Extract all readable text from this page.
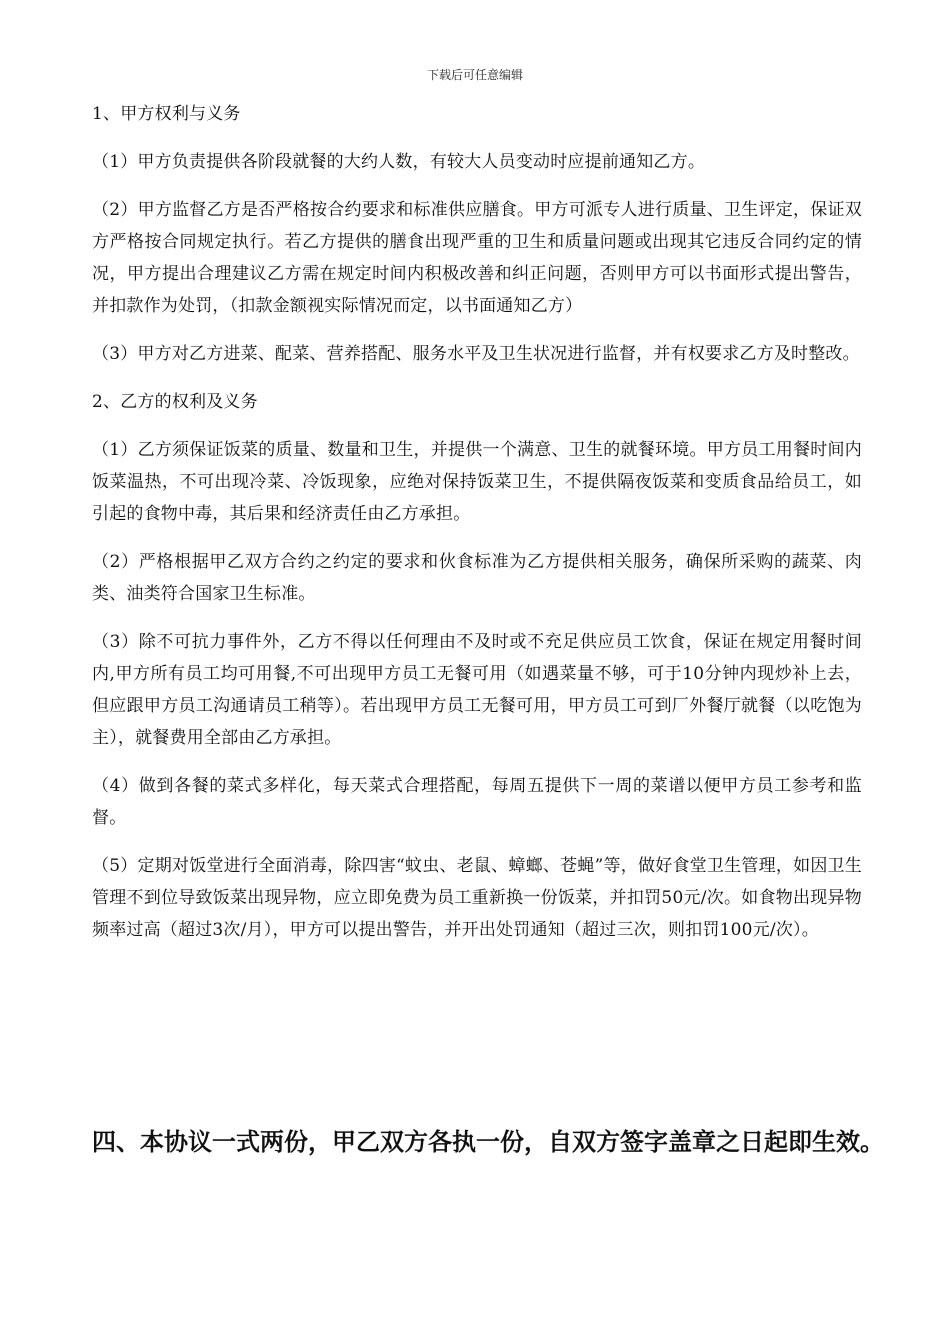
下载后可任意编辑

1、甲方权利与义务

（1）甲方负责提供各阶段就餐的大约人数，有较大人员变动时应提前通知乙方。

（2）甲方监督乙方是否严格按合约要求和标准供应膳食。甲方可派专人进行质量、卫生评定，保证双方严格按合同规定执行。若乙方提供的膳食出现严重的卫生和质量问题或出现其它违反合同约定的情况，甲方提出合理建议乙方需在规定时间内积极改善和纠正问题，否则甲方可以书面形式提出警告，并扣款作为处罚，（扣款金额视实际情况而定，以书面通知乙方）

（3）甲方对乙方进菜、配菜、营养搭配、服务水平及卫生状况进行监督，并有权要求乙方及时整改。

2、乙方的权利及义务

（1）乙方须保证饭菜的质量、数量和卫生，并提供一个满意、卫生的就餐环境。甲方员工用餐时间内饭菜温热，不可出现冷菜、冷饭现象，应绝对保持饭菜卫生，不提供隔夜饭菜和变质食品给员工，如引起的食物中毒，其后果和经济责任由乙方承担。

（2）严格根据甲乙双方合约之约定的要求和伙食标准为乙方提供相关服务，确保所采购的蔬菜、肉类、油类符合国家卫生标准。

（3）除不可抗力事件外，乙方不得以任何理由不及时或不充足供应员工饮食，保证在规定用餐时间内,甲方所有员工均可用餐,不可出现甲方员工无餐可用（如遇菜量不够，可于10分钟内现炒补上去，但应跟甲方员工沟通请员工稍等）。若出现甲方员工无餐可用，甲方员工可到厂外餐厅就餐（以吃饱为主），就餐费用全部由乙方承担。

（4）做到各餐的菜式多样化，每天菜式合理搭配，每周五提供下一周的菜谱以便甲方员工参考和监督。

（5）定期对饭堂进行全面消毒，除四害“蚊虫、老鼠、蟑螂、苍蝇”等，做好食堂卫生管理，如因卫生管理不到位导致饭菜出现异物，应立即免费为员工重新换一份饭菜，并扣罚50元/次。如食物出现异物频率过高（超过3次/月），甲方可以提出警告，并开出处罚通知（超过三次，则扣罚100元/次）。

四、本协议一式两份，甲乙双方各执一份，自双方签字盖章之日起即生效。
